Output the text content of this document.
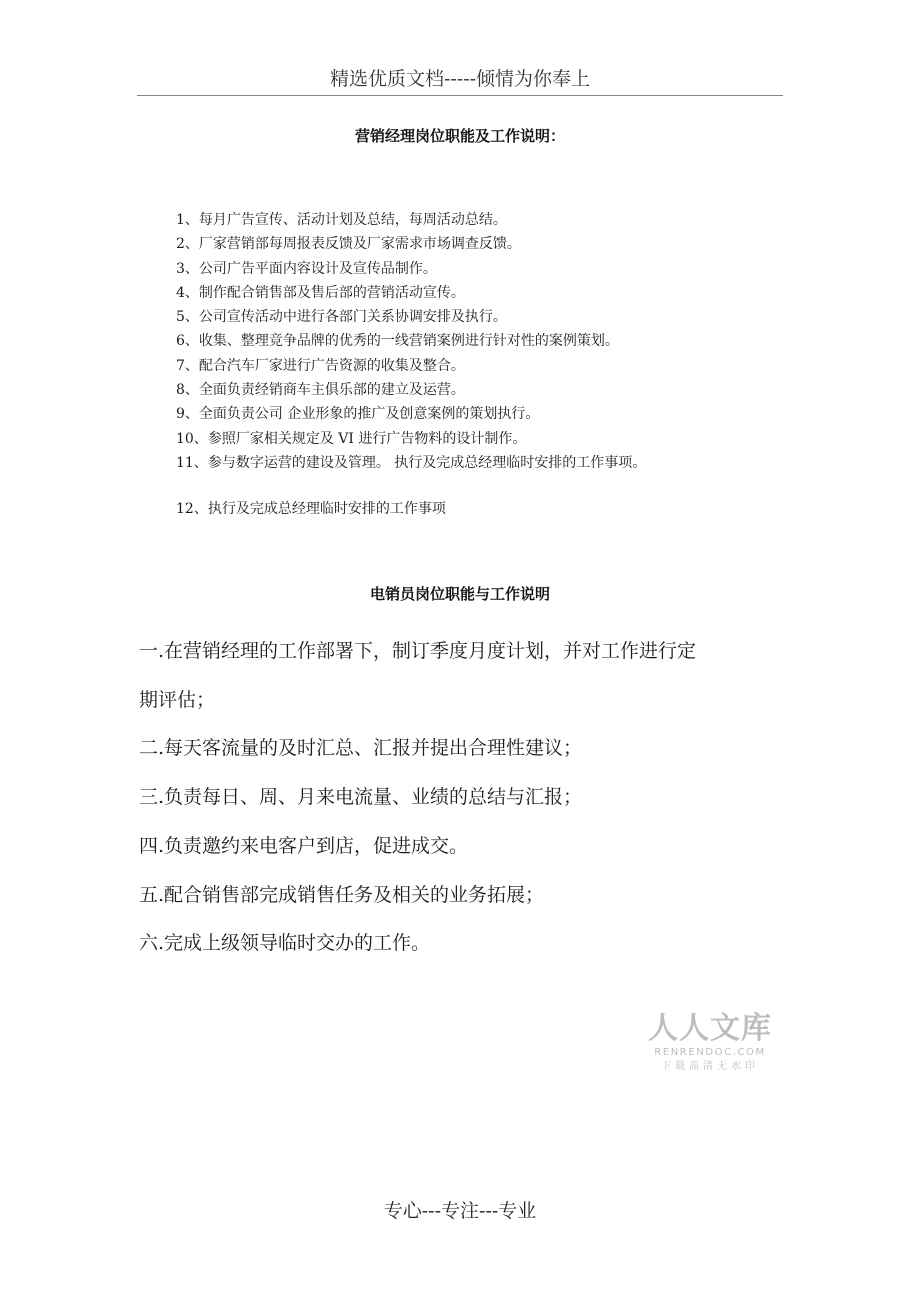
精选优质文档-----倾情为你奉上
营销经理岗位职能及工作说明：
1、每月广告宣传、活动计划及总结，每周活动总结。
2、厂家营销部每周报表反馈及厂家需求市场调查反馈。
3、公司广告平面内容设计及宣传品制作。
4、制作配合销售部及售后部的营销活动宣传。
5、公司宣传活动中进行各部门关系协调安排及执行。
6、收集、整理竞争品牌的优秀的一线营销案例进行针对性的案例策划。
7、配合汽车厂家进行广告资源的收集及整合。
8、全面负责经销商车主俱乐部的建立及运营。
9、全面负责公司 企业形象的推广及创意案例的策划执行。
10、参照厂家相关规定及 VI 进行广告物料的设计制作。
11、参与数字运营的建设及管理。 执行及完成总经理临时安排的工作事项。
12、执行及完成总经理临时安排的工作事项
电销员岗位职能与工作说明
一.在营销经理的工作部署下，制订季度月度计划，并对工作进行定
期评估；
二.每天客流量的及时汇总、汇报并提出合理性建议；
三.负责每日、周、月来电流量、业绩的总结与汇报；
四.负责邀约来电客户到店，促进成交。
五.配合销售部完成销售任务及相关的业务拓展；
六.完成上级领导临时交办的工作。
人人文库
RENRENDOC.COM
下载高清无水印
专心---专注---专业
